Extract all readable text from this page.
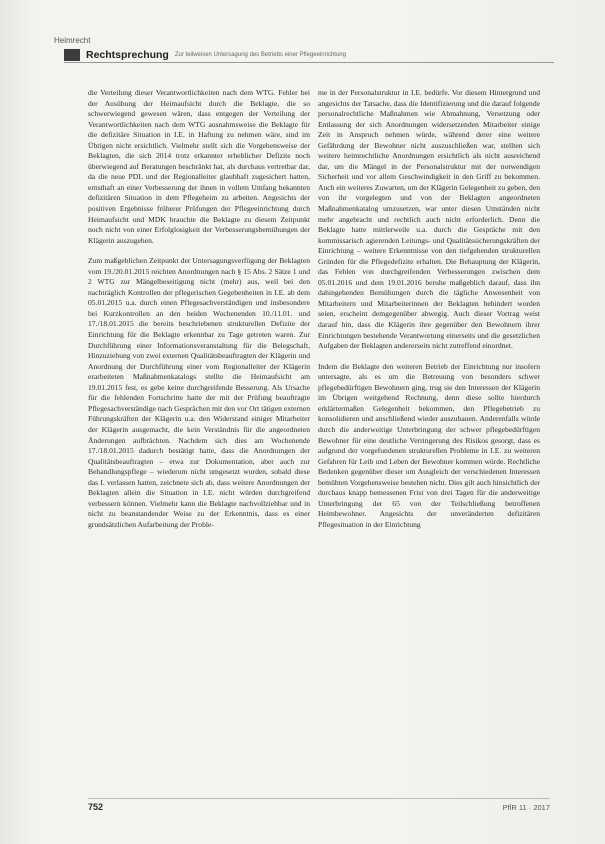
Heimrecht
Rechtsprechung Zur teilweisen Untersagung des Betriebs einer Pflegeeinrichtung

die Verteilung dieser Verantwortlichkeiten nach dem WTG. Fehler bei der Ausübung der Heimaufsicht durch die Beklagte, die so schwerwiegend gewesen wären, dass entgegen der Verteilung der Verantwortlichkeiten nach dem WTG ausnahmsweise die Beklagte für die defizitäre Situation in I.E. in Haftung zu nehmen wäre, sind im Übrigen nicht ersichtlich. Vielmehr stellt sich die Vorgehensweise der Beklagten, die sich 2014 trotz erkannter erheblicher Defizite noch überwiegend auf Beratungen beschränkt hat, als durchaus vertretbar dar, da die neue PDL und der Regionalleiter glaubhaft zugesichert hatten, ernsthaft an einer Verbesserung der ihnen in vollem Umfang bekannten defizitären Situation in dem Pflegeheim zu arbeiten. Angesichts der positiven Ergebnisse früherer Prüfungen der Pflegeeinrichtung durch Heimaufsicht und MDK brauchte die Beklagte zu diesem Zeitpunkt noch nicht von einer Erfolglosigkeit der Verbesserungsbemühungen der Klägerin auszugehen.

Zum maßgeblichen Zeitpunkt der Untersagungsverfügung der Beklagten vom 19./20.01.2015 reichten Anordnungen nach § 15 Abs. 2 Sätze 1 und 2 WTG zur Mängelbeseitigung nicht (mehr) aus, weil bei den nachträglich Kontrollen der pflegerischen Gegebenheiten in I.E. ab dem 05.01.2015 u.a. durch einen Pflegesachverständigen und insbesondere bei Kurzkontrollen an den beiden Wochenenden 10./11.01. und 17./18.01.2015 die bereits beschriebenen strukturellen Defizite der Einrichtung für die Beklagte erkennbar zu Tage getreten waren. Zur Durchführung einer Informationsveranstaltung für die Belegschaft, Hinzuziehung von zwei externen Qualitätsbeauftragten der Klägerin und Anordnung der Durchführung einer vom Regionalleiter der Klägerin erarbeiteten Maßnahmenkatalogs stellte die Heimaufsicht am 19.01.2015 fest, es gebe keine durchgreifende Besserung. Als Ursache für die fehlenden Fortschritte hatte der mit der Prüfung beauftragte Pflegesachverständige nach Gesprächen mit den vor Ort tätigen externen Führungskräften der Klägerin u.a. den Widerstand einiger Mitarbeiter der Klägerin ausgemacht, die kein Verständnis für die angeordneten Änderungen aufbrächten. Nachdem sich dies am Wochenende 17./18.01.2015 dadurch bestätigt hatte, dass die Anordnungen der Qualitätsbeauftragten – etwa zur Dokumentation, aber auch zur Behandlungspflege – wiederum nicht umgesetzt wurden, sobald diese das I. verlassen hatten, zeichnete sich ab, dass weitere Anordnungen der Beklagten allein die Situation in I.E. nicht würden durchgreifend verbessern können. Vielmehr kann die Beklagte nachvollziehbar und in nicht zu beanstandender Weise zu der Erkenntnis, dass es einer grundsätzlichen Aufarbeitung der Proble-

me in der Personalstruktur in I.E. bedürfe. Vor diesem Hintergrund und angesichts der Tatsache, dass die Identifizierung und die darauf folgende personalrechtliche Maßnahmen wie Abmahnung, Versetzung oder Entlassung der sich Anordnungen widersetzenden Mitarbeiter einige Zeit in Anspruch nehmen würde, während derer eine weitere Gefährdung der Bewohner nicht auszuschließen war, stellten sich weitere heimrechtliche Anordnungen ersichtlich als nicht ausreichend dar, um die Mängel in der Personalstruktur mit der notwendigen Sicherheit und vor allem Geschwindigkeit in den Griff zu bekommen. Auch ein weiteres Zuwarten, um der Klägerin Gelegenheit zu geben, den von ihr vorgelegten und von der Beklagten angeordneten Maßnahmenkatalog umzusetzen, war unter diesen Umständen nicht mehr angebracht und rechtlich auch nicht erforderlich. Denn die Beklagte hatte mittlerweile u.a. durch die Gespräche mit den kommissarisch agierenden Leitungs- und Qualitätssicherungskräften der Einrichtung – weitere Erkenntnisse von den tiefgehenden strukturellen Gründen für die Pflegedefizite erhalten. Die Behauptung der Klägerin, das Fehlen von durchgreifenden Verbesserungen zwischen dem 05.01.2016 und dem 19.01.2016 beruhe maßgeblich darauf, dass ihn dahingehenden Bemühungen durch die tägliche Anwesenheit von Mitarbeitern und Mitarbeiterinnen der Beklagten behindert worden seien, erscheint demgegenüber abwegig. Auch dieser Vortrag weist darauf hin, dass die Klägerin ihre gegenüber den Bewohnern ihrer Einrichtungen bestehende Verantwortung einerseits und die gesetzlichen Aufgaben der Beklagten andererseits nicht zutreffend einordnet.

Indem die Beklagte den weiteren Betrieb der Einrichtung nur insofern untersagte, als es um die Betreuung von besonders schwer pflegebedürftigen Bewohnern ging, trug sie den Interessen der Klägerin im Übrigen weitgehend Rechnung, denn diese sollte hierdurch erklärtermaßen Gelegenheit bekommen, den Pflegebetrieb zu konsolidieren und anschließend wieder auszubauen. Anderenfalls würde durch die anderweitige Unterbringung der schwer pflegebedürftigen Bewohner für eine deutliche Verringerung des Risikos gesorgt, dass es aufgrund der vorgefundenen strukturellen Probleme in I.E. zu weiteren Gefahren für Leib und Leben der Bewohner kommen würde. Rechtliche Bedenken gegenüber dieser um Ausgleich der verschiedenen Interessen bemühten Vorgehensweise bestehen nicht. Dies gilt auch hinsichtlich der durchaus knapp bemessenen Frist von drei Tagen für die anderweitige Unterbringung der 65 von der Teilschließung betroffenen Heimbewohner. Angesichts der unveränderten defizitären Pflegesituation in der Einrichtung

752	PflR 11 · 2017
